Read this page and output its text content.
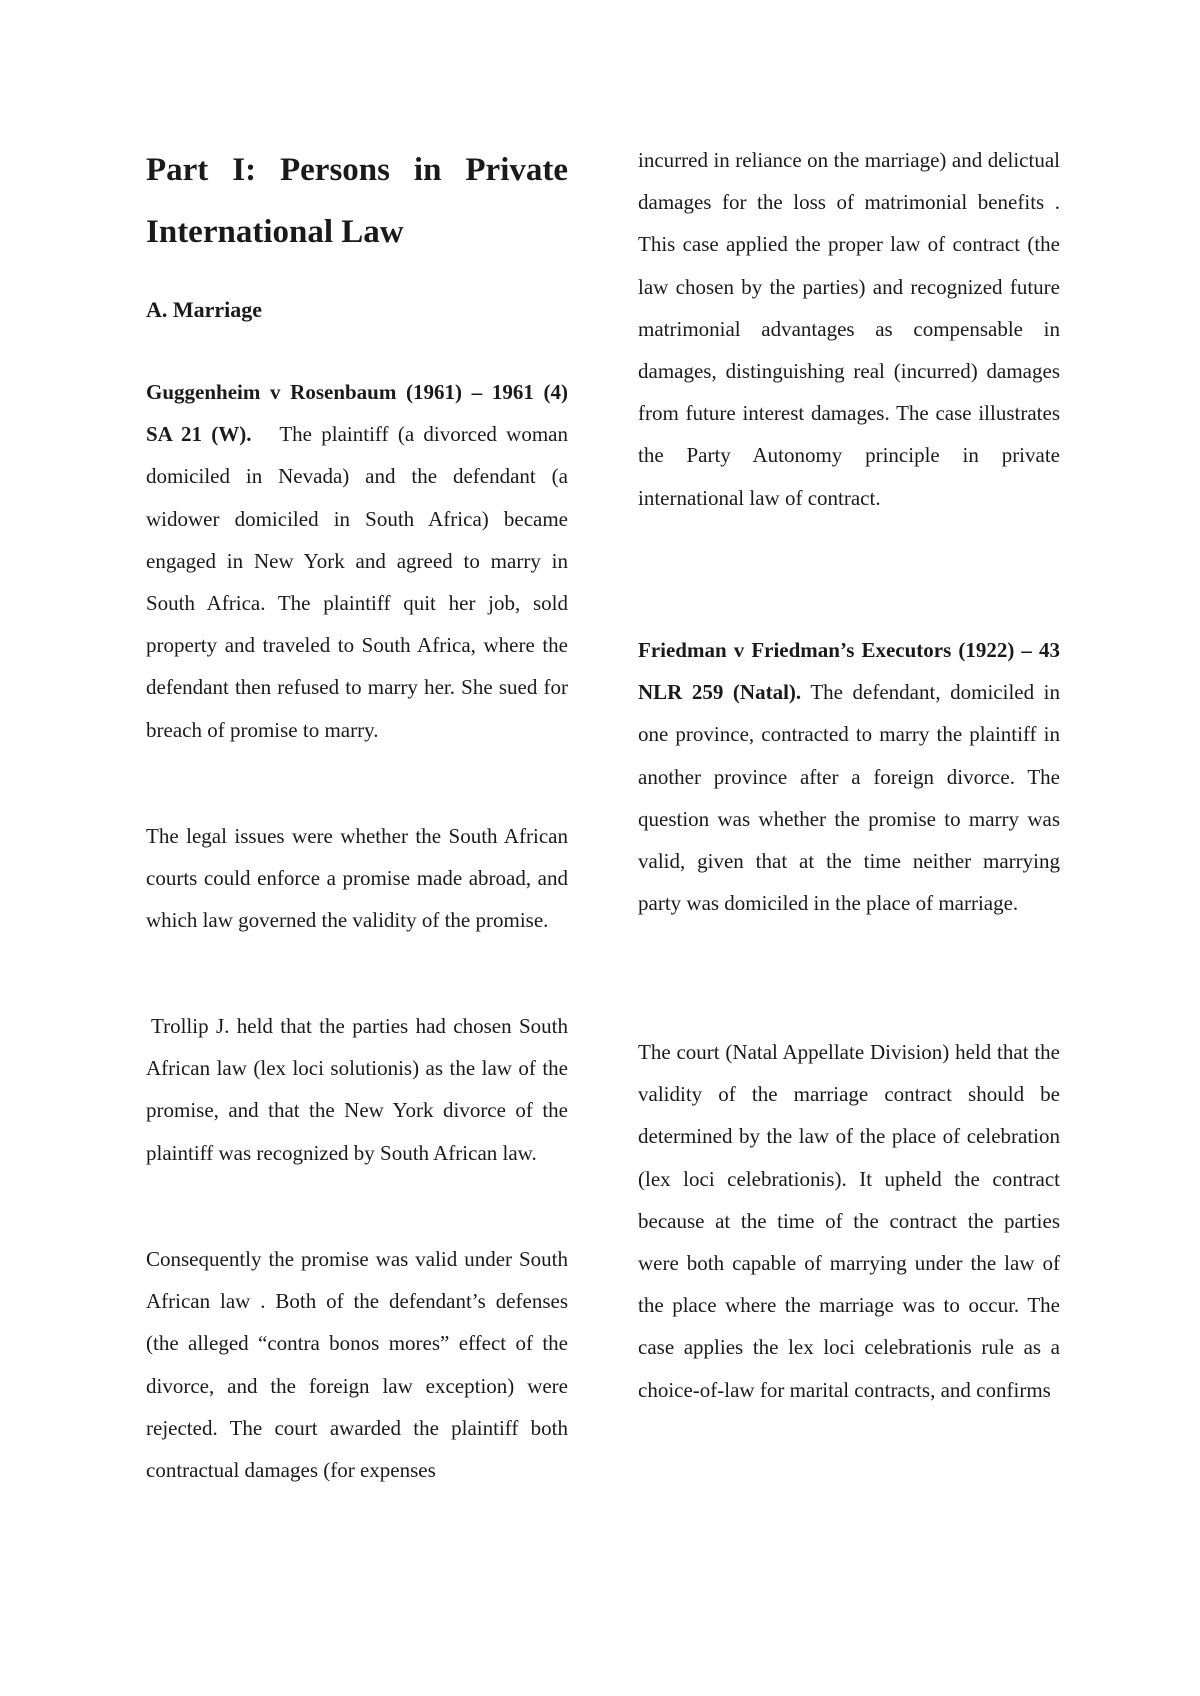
Part I: Persons in Private International Law
A. Marriage

Guggenheim v Rosenbaum (1961) – 1961 (4) SA 21 (W). The plaintiff (a divorced woman domiciled in Nevada) and the defendant (a widower domiciled in South Africa) became engaged in New York and agreed to marry in South Africa. The plaintiff quit her job, sold property and traveled to South Africa, where the defendant then refused to marry her. She sued for breach of promise to marry.

The legal issues were whether the South African courts could enforce a promise made abroad, and which law governed the validity of the promise.

Trollip J. held that the parties had chosen South African law (lex loci solutionis) as the law of the promise, and that the New York divorce of the plaintiff was recognized by South African law.

Consequently the promise was valid under South African law . Both of the defendant’s defenses (the alleged “contra bonos mores” effect of the divorce, and the foreign law exception) were rejected. The court awarded the plaintiff both contractual damages (for expenses

incurred in reliance on the marriage) and delictual damages for the loss of matrimonial benefits . This case applied the proper law of contract (the law chosen by the parties) and recognized future matrimonial advantages as compensable in damages, distinguishing real (incurred) damages from future interest damages. The case illustrates the Party Autonomy principle in private international law of contract.

Friedman v Friedman’s Executors (1922) – 43 NLR 259 (Natal). The defendant, domiciled in one province, contracted to marry the plaintiff in another province after a foreign divorce. The question was whether the promise to marry was valid, given that at the time neither marrying party was domiciled in the place of marriage.

The court (Natal Appellate Division) held that the validity of the marriage contract should be determined by the law of the place of celebration (lex loci celebrationis). It upheld the contract because at the time of the contract the parties were both capable of marrying under the law of the place where the marriage was to occur. The case applies the lex loci celebrationis rule as a choice-of-law for marital contracts, and confirms
